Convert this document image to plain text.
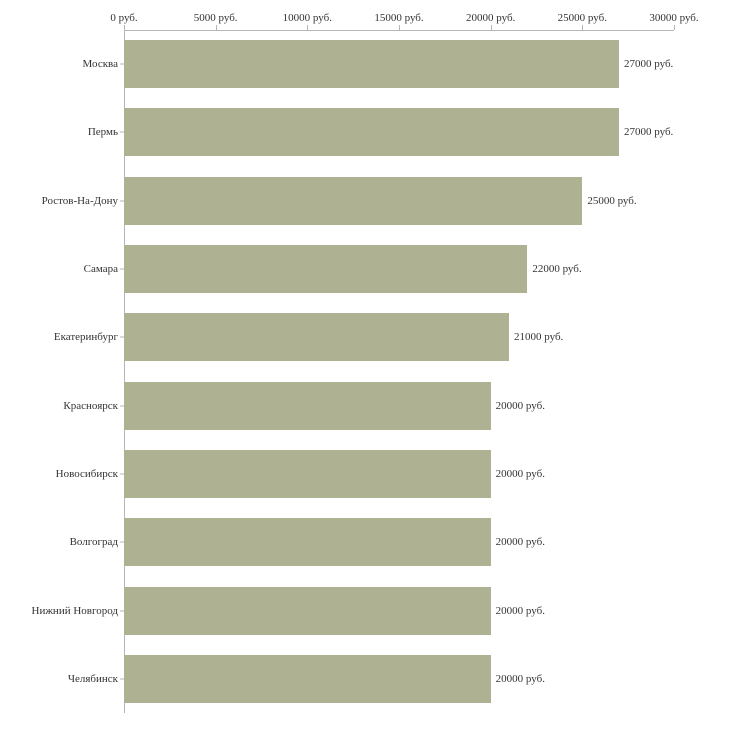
0 руб.	5000 руб.	10000 руб.	15000 руб.	20000 руб.	25000 руб.	30000 руб.
Москва	27000 руб.
Пермь	27000 руб.
Ростов-На-Дону	25000 руб.
Самара	22000 руб.
Екатеринбург	21000 руб.
Красноярск	20000 руб.
Новосибирск	20000 руб.
Волгоград	20000 руб.
Нижний Новгород	20000 руб.
Челябинск	20000 руб.
